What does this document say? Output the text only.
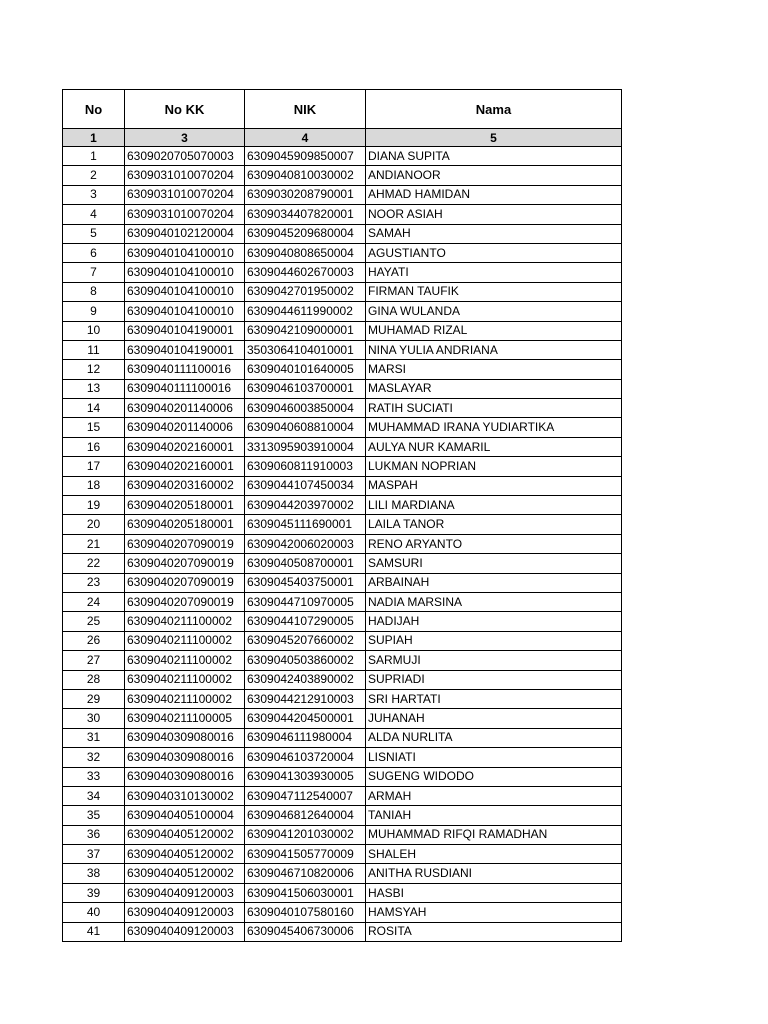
No	No KK	NIK	Nama
1	3	4	5
1	6309020705070003	6309045909850007	DIANA SUPITA
2	6309031010070204	6309040810030002	ANDIANOOR
3	6309031010070204	6309030208790001	AHMAD HAMIDAN
4	6309031010070204	6309034407820001	NOOR ASIAH
5	6309040102120004	6309045209680004	SAMAH
6	6309040104100010	6309040808650004	AGUSTIANTO
7	6309040104100010	6309044602670003	HAYATI
8	6309040104100010	6309042701950002	FIRMAN TAUFIK
9	6309040104100010	6309044611990002	GINA WULANDA
10	6309040104190001	6309042109000001	MUHAMAD RIZAL
11	6309040104190001	3503064104010001	NINA YULIA ANDRIANA
12	6309040111100016	6309040101640005	MARSI
13	6309040111100016	6309046103700001	MASLAYAR
14	6309040201140006	6309046003850004	RATIH SUCIATI
15	6309040201140006	6309040608810004	MUHAMMAD IRANA YUDIARTIKA
16	6309040202160001	3313095903910004	AULYA NUR KAMARIL
17	6309040202160001	6309060811910003	LUKMAN NOPRIAN
18	6309040203160002	6309044107450034	MASPAH
19	6309040205180001	6309044203970002	LILI MARDIANA
20	6309040205180001	6309045111690001	LAILA TANOR
21	6309040207090019	6309042006020003	RENO ARYANTO
22	6309040207090019	6309040508700001	SAMSURI
23	6309040207090019	6309045403750001	ARBAINAH
24	6309040207090019	6309044710970005	NADIA MARSINA
25	6309040211100002	6309044107290005	HADIJAH
26	6309040211100002	6309045207660002	SUPIAH
27	6309040211100002	6309040503860002	SARMUJI
28	6309040211100002	6309042403890002	SUPRIADI
29	6309040211100002	6309044212910003	SRI HARTATI
30	6309040211100005	6309044204500001	JUHANAH
31	6309040309080016	6309046111980004	ALDA NURLITA
32	6309040309080016	6309046103720004	LISNIATI
33	6309040309080016	6309041303930005	SUGENG WIDODO
34	6309040310130002	6309047112540007	ARMAH
35	6309040405100004	6309046812640004	TANIAH
36	6309040405120002	6309041201030002	MUHAMMAD RIFQI RAMADHAN
37	6309040405120002	6309041505770009	SHALEH
38	6309040405120002	6309046710820006	ANITHA RUSDIANI
39	6309040409120003	6309041506030001	HASBI
40	6309040409120003	6309040107580160	HAMSYAH
41	6309040409120003	6309045406730006	ROSITA
